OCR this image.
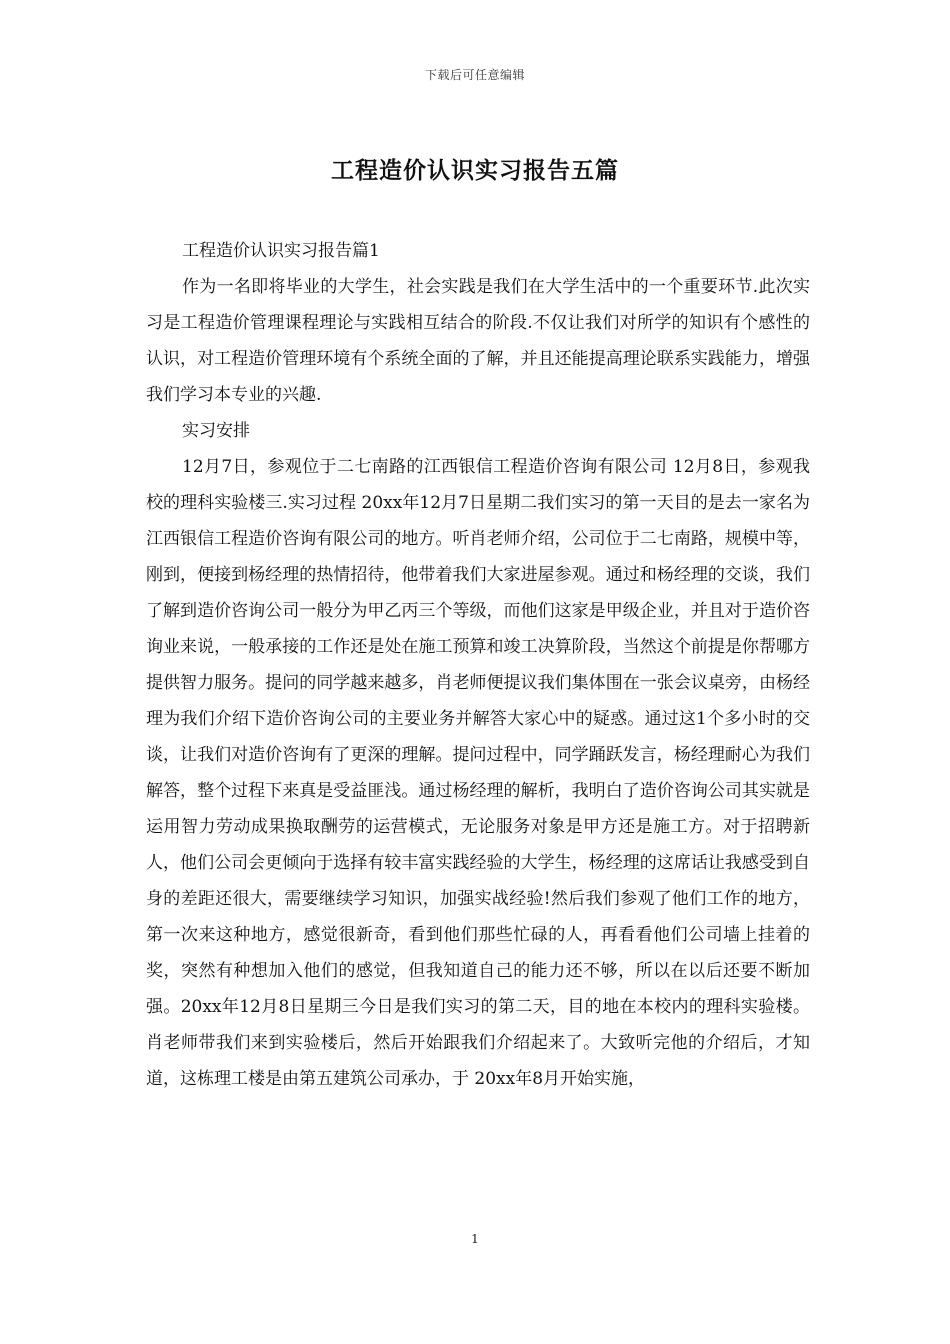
下载后可任意编辑
工程造价认识实习报告五篇

工程造价认识实习报告篇1

作为一名即将毕业的大学生，社会实践是我们在大学生活中的一个重要环节.此次实习是工程造价管理课程理论与实践相互结合的阶段.不仅让我们对所学的知识有个感性的认识，对工程造价管理环境有个系统全面的了解，并且还能提高理论联系实践能力，增强我们学习本专业的兴趣.

实习安排

12月7日，参观位于二七南路的江西银信工程造价咨询有限公司 12月8日，参观我校的理科实验楼三.实习过程 20xx年12月7日星期二我们实习的第一天目的是去一家名为江西银信工程造价咨询有限公司的地方。听肖老师介绍，公司位于二七南路，规模中等，刚到，便接到杨经理的热情招待，他带着我们大家进屋参观。通过和杨经理的交谈，我们了解到造价咨询公司一般分为甲乙丙三个等级，而他们这家是甲级企业，并且对于造价咨询业来说，一般承接的工作还是处在施工预算和竣工决算阶段，当然这个前提是你帮哪方提供智力服务。提问的同学越来越多，肖老师便提议我们集体围在一张会议桌旁，由杨经理为我们介绍下造价咨询公司的主要业务并解答大家心中的疑惑。通过这1个多小时的交谈，让我们对造价咨询有了更深的理解。提问过程中，同学踊跃发言，杨经理耐心为我们解答，整个过程下来真是受益匪浅。通过杨经理的解析，我明白了造价咨询公司其实就是运用智力劳动成果换取酬劳的运营模式，无论服务对象是甲方还是施工方。对于招聘新人，他们公司会更倾向于选择有较丰富实践经验的大学生，杨经理的这席话让我感受到自身的差距还很大，需要继续学习知识，加强实战经验!然后我们参观了他们工作的地方，第一次来这种地方，感觉很新奇，看到他们那些忙碌的人，再看看他们公司墙上挂着的奖，突然有种想加入他们的感觉，但我知道自己的能力还不够，所以在以后还要不断加强。20xx年12月8日星期三今日是我们实习的第二天，目的地在本校内的理科实验楼。肖老师带我们来到实验楼后，然后开始跟我们介绍起来了。大致听完他的介绍后，才知道，这栋理工楼是由第五建筑公司承办，于 20xx年8月开始实施，

1
